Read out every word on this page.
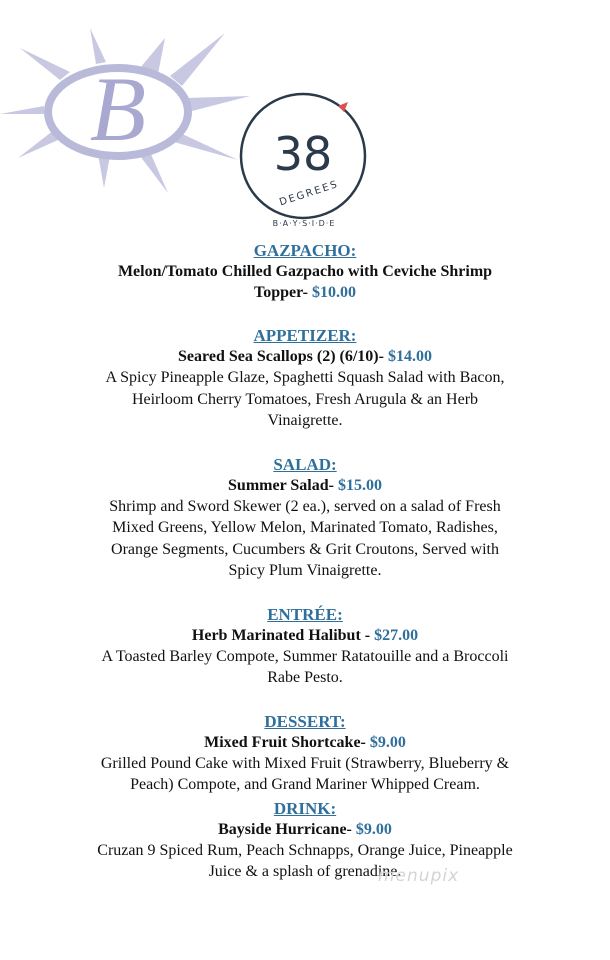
B	38
DEGREES
B·A·Y·S·I·D·E
GAZPACHO:
Melon/Tomato Chilled Gazpacho with Ceviche Shrimp
Topper- $10.00
APPETIZER:
Seared Sea Scallops (2) (6/10)- $14.00
A Spicy Pineapple Glaze, Spaghetti Squash Salad with Bacon,
Heirloom Cherry Tomatoes, Fresh Arugula & an Herb
Vinaigrette.
SALAD:
Summer Salad- $15.00
Shrimp and Sword Skewer (2 ea.), served on a salad of Fresh
Mixed Greens, Yellow Melon, Marinated Tomato, Radishes,
Orange Segments, Cucumbers & Grit Croutons, Served with
Spicy Plum Vinaigrette.
ENTRÉE:
Herb Marinated Halibut - $27.00
A Toasted Barley Compote, Summer Ratatouille and a Broccoli
Rabe Pesto.
DESSERT:
Mixed Fruit Shortcake- $9.00
Grilled Pound Cake with Mixed Fruit (Strawberry, Blueberry &
Peach) Compote, and Grand Mariner Whipped Cream.
DRINK:
Bayside Hurricane- $9.00
Cruzan 9 Spiced Rum, Peach Schnapps, Orange Juice, Pineapple
Juice & a splash of grenadine.
menupix
